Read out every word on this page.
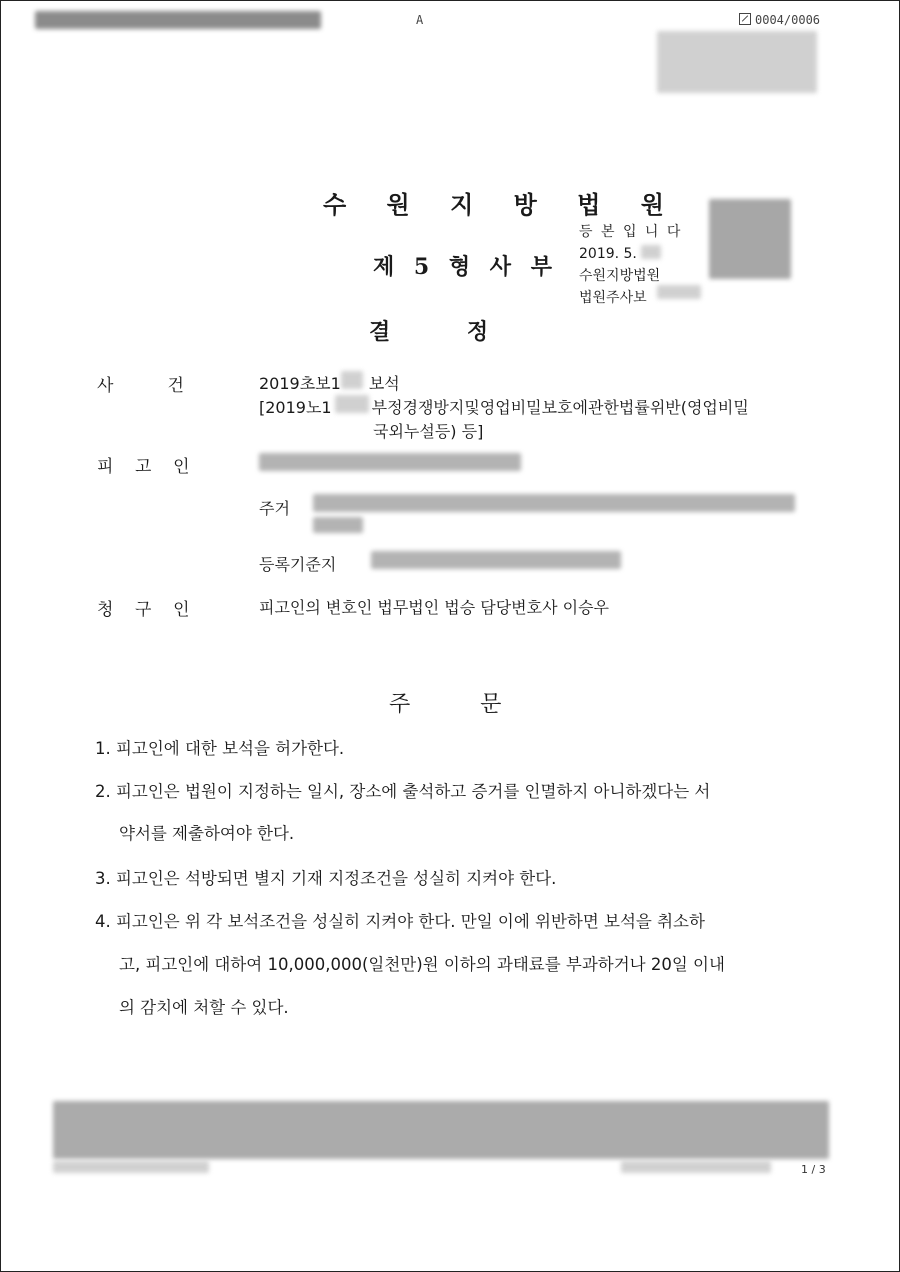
A	0004/0006
수 원 지 방 법 원
제 5 형 사 부
등 본 입 니 다
2019. 5.
수원지방법원
법원주사보
결          정
사          건	2019초보1 보석
[2019노1	부정경쟁방지및영업비밀보호에관한법률위반(영업비밀
국외누설등) 등]
피    고    인
주거
등록기준지
청    구    인	피고인의 변호인 법무법인 법승 담당변호사 이승우
주          문
1. 피고인에 대한 보석을 허가한다.
2. 피고인은 법원이 지정하는 일시, 장소에 출석하고 증거를 인멸하지 아니하겠다는 서
약서를 제출하여야 한다.
3. 피고인은 석방되면 별지 기재 지정조건을 성실히 지켜야 한다.
4. 피고인은 위 각 보석조건을 성실히 지켜야 한다. 만일 이에 위반하면 보석을 취소하
고, 피고인에 대하여 10,000,000(일천만)원 이하의 과태료를 부과하거나 20일 이내
의 감치에 처할 수 있다.
1 / 3
